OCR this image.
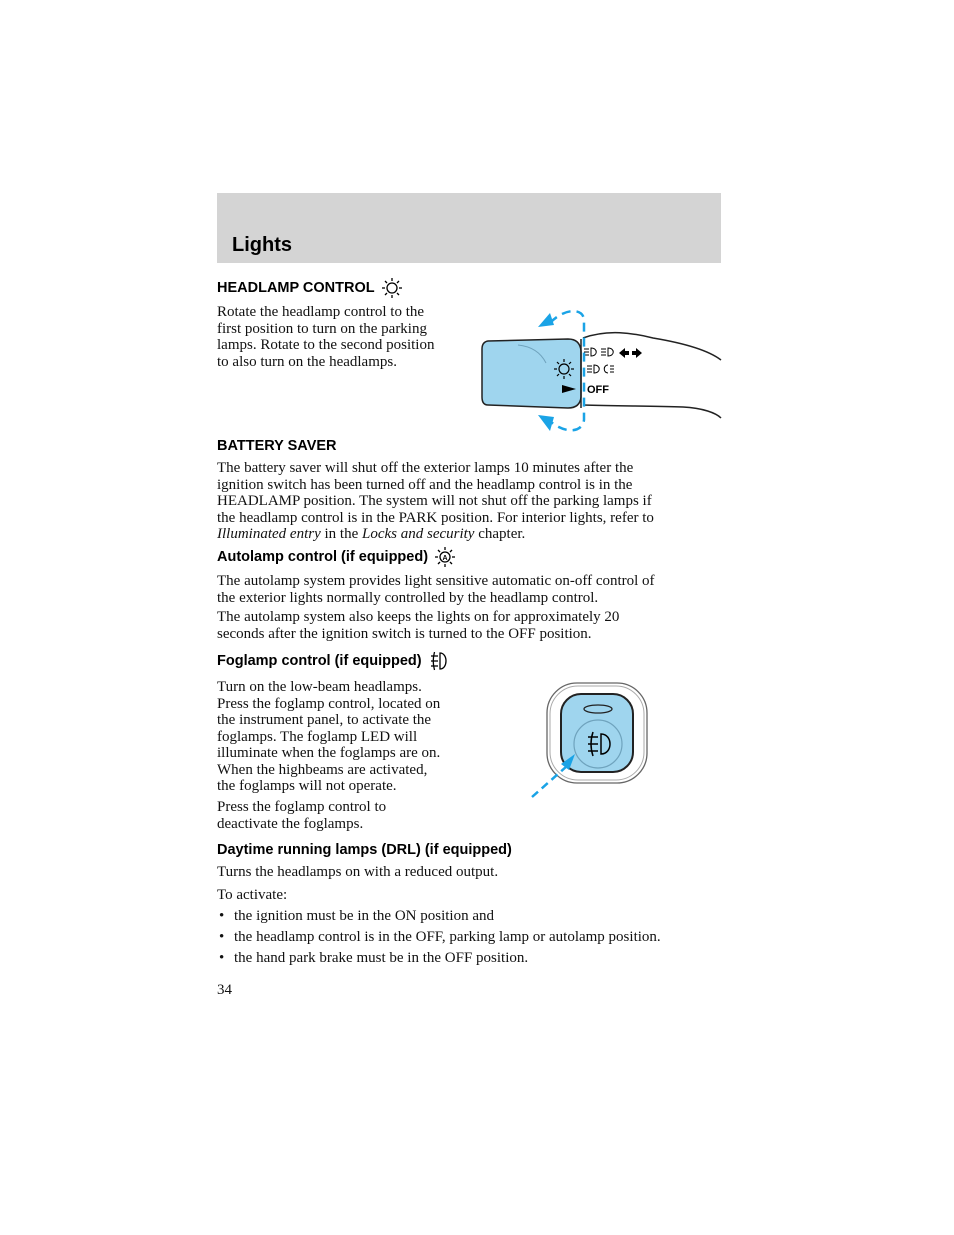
Lights
HEADLAMP CONTROL

Rotate the headlamp control to the
first position to turn on the parking
lamps. Rotate to the second position
to also turn on the headlamps.

BATTERY SAVER

The battery saver will shut off the exterior lamps 10 minutes after the
ignition switch has been turned off and the headlamp control is in the
HEADLAMP position. The system will not shut off the parking lamps if
the headlamp control is in the PARK position. For interior lights, refer to
Illuminated entry in the Locks and security chapter.

Autolamp control (if equipped) A

The autolamp system provides light sensitive automatic on-off control of
the exterior lights normally controlled by the headlamp control.

The autolamp system also keeps the lights on for approximately 20
seconds after the ignition switch is turned to the OFF position.

Foglamp control (if equipped)

Turn on the low-beam headlamps.
Press the foglamp control, located on
the instrument panel, to activate the
foglamps. The foglamp LED will
illuminate when the foglamps are on.
When the highbeams are activated,
the foglamps will not operate.

Press the foglamp control to
deactivate the foglamps.

Daytime running lamps (DRL) (if equipped)

Turns the headlamps on with a reduced output.

To activate:

• the ignition must be in the ON position and
• the headlamp control is in the OFF, parking lamp or autolamp position.
• the hand park brake must be in the OFF position.
OFF
34
